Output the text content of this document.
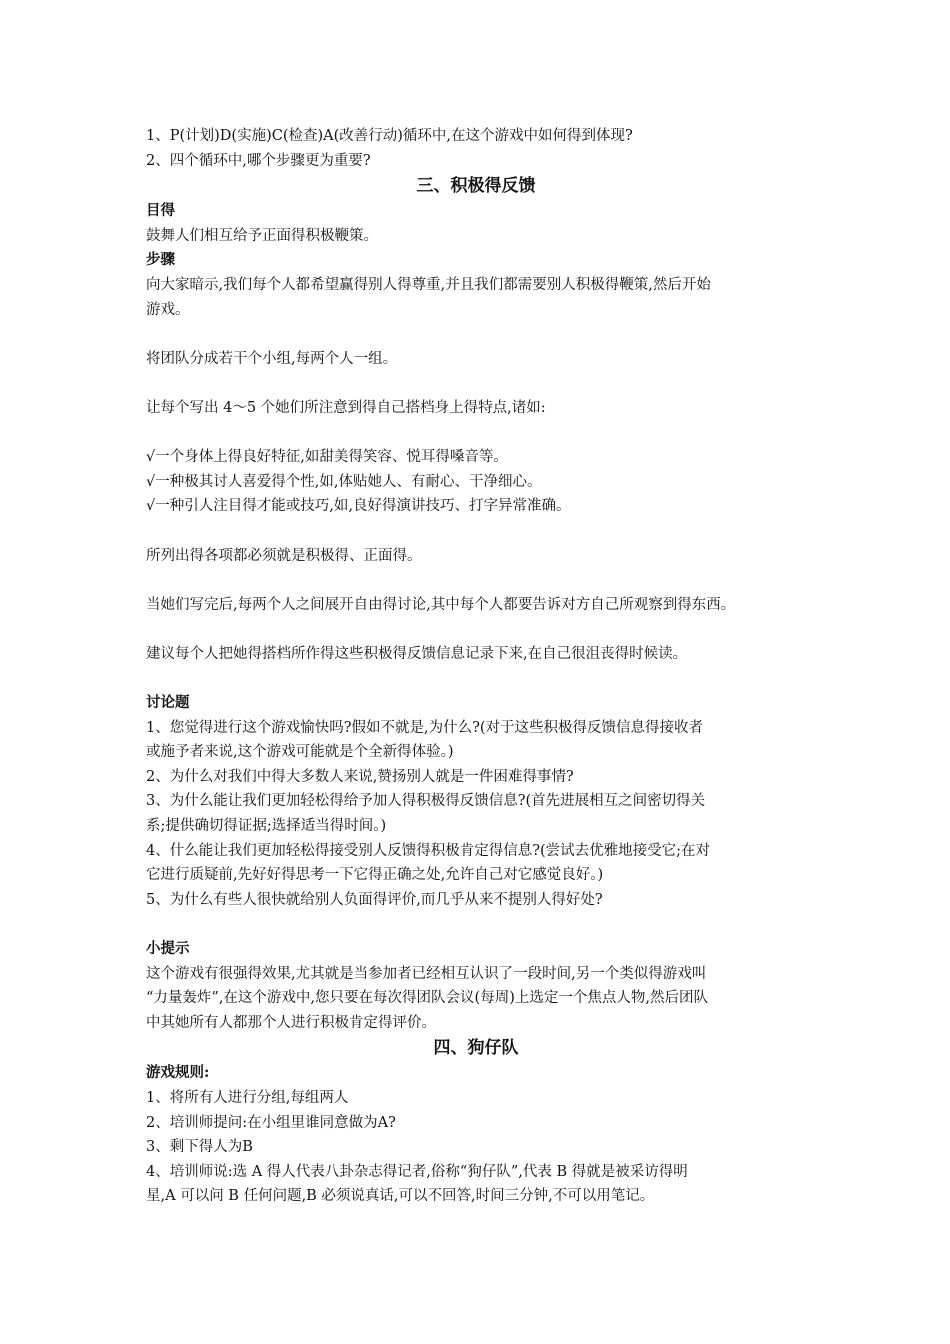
1、P(计划)D(实施)C(检查)A(改善行动)循环中,在这个游戏中如何得到体现?
2、四个循环中,哪个步骤更为重要?
三、积极得反馈
目得
鼓舞人们相互给予正面得积极鞭策。
步骤
向大家暗示,我们每个人都希望赢得别人得尊重,并且我们都需要别人积极得鞭策,然后开始
游戏。
将团队分成若干个小组,每两个人一组。
让每个写出 4～5 个她们所注意到得自己搭档身上得特点,诸如:
√一个身体上得良好特征,如甜美得笑容、悦耳得嗓音等。
√一种极其讨人喜爱得个性,如,体贴她人、有耐心、干净细心。
√一种引人注目得才能或技巧,如,良好得演讲技巧、打字异常准确。
所列出得各项都必须就是积极得、正面得。
当她们写完后,每两个人之间展开自由得讨论,其中每个人都要告诉对方自己所观察到得东西。
建议每个人把她得搭档所作得这些积极得反馈信息记录下来,在自己很沮丧得时候读。
讨论题
1、您觉得进行这个游戏愉快吗?假如不就是,为什么?(对于这些积极得反馈信息得接收者
或施予者来说,这个游戏可能就是个全新得体验。)
2、为什么对我们中得大多数人来说,赞扬别人就是一件困难得事情?
3、为什么能让我们更加轻松得给予加人得积极得反馈信息?(首先进展相互之间密切得关
系;提供确切得证据;选择适当得时间。)
4、什么能让我们更加轻松得接受别人反馈得积极肯定得信息?(尝试去优雅地接受它;在对
它进行质疑前,先好好得思考一下它得正确之处,允许自己对它感觉良好。)
5、为什么有些人很快就给别人负面得评价,而几乎从来不提别人得好处?
小提示
这个游戏有很强得效果,尤其就是当参加者已经相互认识了一段时间,另一个类似得游戏叫
“力量轰炸”,在这个游戏中,您只要在每次得团队会议(每周)上选定一个焦点人物,然后团队
中其她所有人都那个人进行积极肯定得评价。
四、狗仔队
游戏规则:
1、将所有人进行分组,每组两人
2、培训师提问:在小组里谁同意做为A?
3、剩下得人为B
4、培训师说:选 A 得人代表八卦杂志得记者,俗称“狗仔队”,代表 B 得就是被采访得明
星,A 可以问 B 任何问题,B 必须说真话,可以不回答,时间三分钟,不可以用笔记。
